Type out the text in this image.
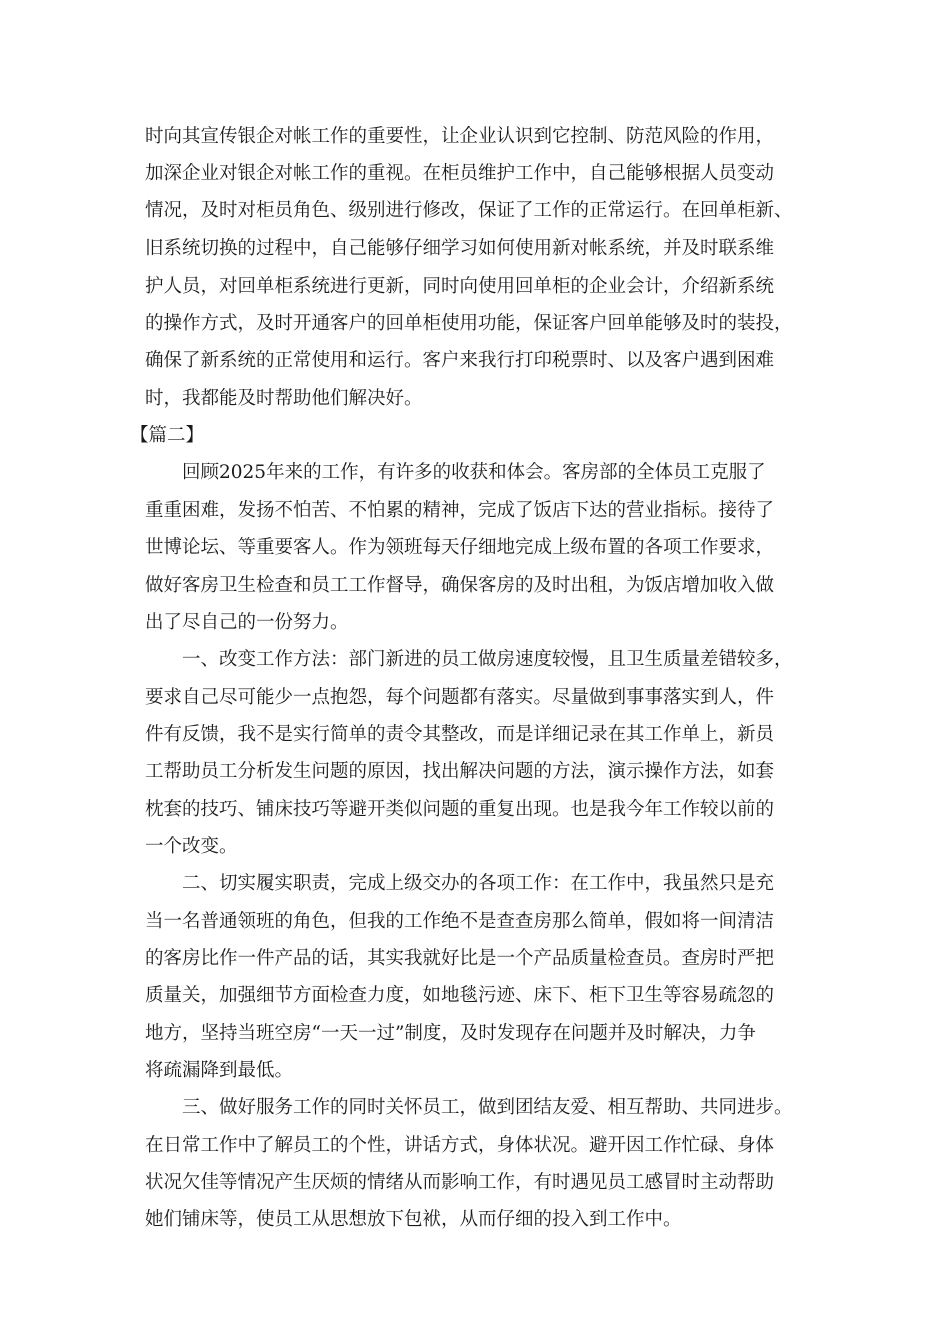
时向其宣传银企对帐工作的重要性，让企业认识到它控制、防范风险的作用，
加深企业对银企对帐工作的重视。在柜员维护工作中，自己能够根据人员变动
情况，及时对柜员角色、级别进行修改，保证了工作的正常运行。在回单柜新、
旧系统切换的过程中，自己能够仔细学习如何使用新对帐系统，并及时联系维
护人员，对回单柜系统进行更新，同时向使用回单柜的企业会计，介绍新系统
的操作方式，及时开通客户的回单柜使用功能，保证客户回单能够及时的装投，
确保了新系统的正常使用和运行。客户来我行打印税票时、以及客户遇到困难
时，我都能及时帮助他们解决好。
【篇二】
　　回顾2025年来的工作，有许多的收获和体会。客房部的全体员工克服了
重重困难，发扬不怕苦、不怕累的精神，完成了饭店下达的营业指标。接待了
世博论坛、等重要客人。作为领班每天仔细地完成上级布置的各项工作要求，
做好客房卫生检查和员工工作督导，确保客房的及时出租，为饭店增加收入做
出了尽自己的一份努力。
　　一、改变工作方法：部门新进的员工做房速度较慢，且卫生质量差错较多，
要求自己尽可能少一点抱怨，每个问题都有落实。尽量做到事事落实到人，件
件有反馈，我不是实行简单的责令其整改，而是详细记录在其工作单上，新员
工帮助员工分析发生问题的原因，找出解决问题的方法，演示操作方法，如套
枕套的技巧、铺床技巧等避开类似问题的重复出现。也是我今年工作较以前的
一个改变。
　　二、切实履实职责，完成上级交办的各项工作：在工作中，我虽然只是充
当一名普通领班的角色，但我的工作绝不是查查房那么简单，假如将一间清洁
的客房比作一件产品的话，其实我就好比是一个产品质量检查员。查房时严把
质量关，加强细节方面检查力度，如地毯污迹、床下、柜下卫生等容易疏忽的
地方，坚持当班空房“一天一过”制度，及时发现存在问题并及时解决，力争
将疏漏降到最低。
　　三、做好服务工作的同时关怀员工，做到团结友爱、相互帮助、共同进步。
在日常工作中了解员工的个性，讲话方式，身体状况。避开因工作忙碌、身体
状况欠佳等情况产生厌烦的情绪从而影响工作，有时遇见员工感冒时主动帮助
她们铺床等，使员工从思想放下包袱，从而仔细的投入到工作中。
